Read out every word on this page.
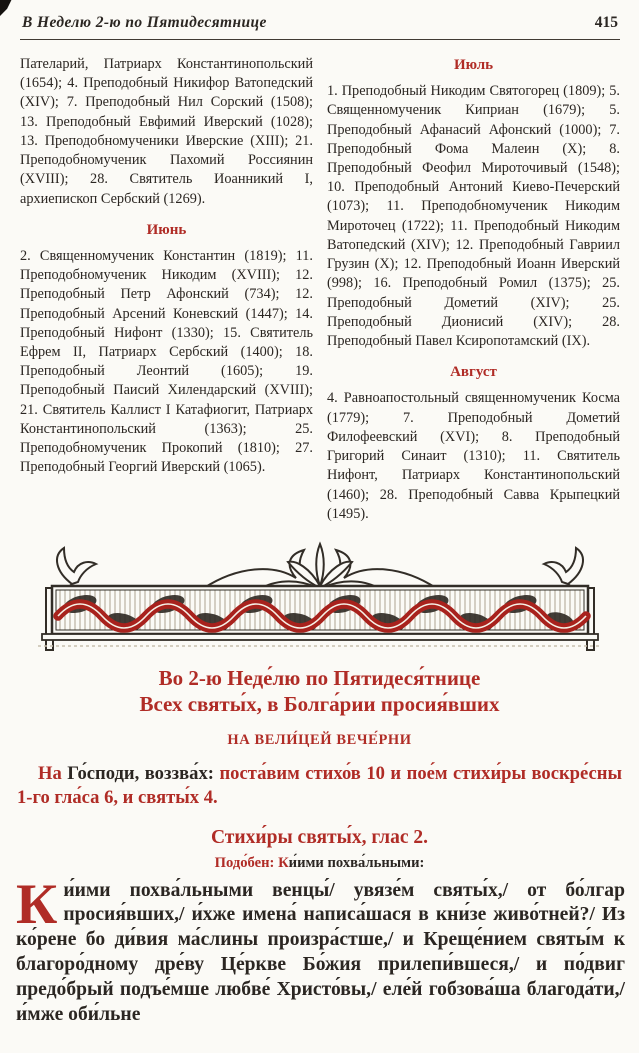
В Неделю 2-ю по Пятидесятнице	415

Пателарий, Патриарх Константинопольский (1654); 4. Преподобный Никифор Ватопедский (XIV); 7. Преподобный Нил Сорский (1508); 13. Преподобный Евфимий Иверский (1028); 13. Преподобномученики Иверские (XIII); 21. Преподобномученик Пахомий Россиянин (XVIII); 28. Святитель Иоанникий I, архиепископ Сербский (1269).

Июнь

2. Священномученик Константин (1819); 11. Преподобномученик Никодим (XVIII); 12. Преподобный Петр Афонский (734); 12. Преподобный Арсений Коневский (1447); 14. Преподобный Нифонт (1330); 15. Святитель Ефрем II, Патриарх Сербский (1400); 18. Преподобный Леонтий (1605); 19. Преподобный Паисий Хилендарский (XVIII); 21. Святитель Каллист I Катафиогит, Патриарх Константинопольский (1363); 25. Преподобномученик Прокопий (1810); 27. Преподобный Георгий Иверский (1065).

Июль

1. Преподобный Никодим Святогорец (1809); 5. Священномученик Киприан (1679); 5. Преподобный Афанасий Афонский (1000); 7. Преподобный Фома Малеин (X); 8. Преподобный Феофил Мироточивый (1548); 10. Преподобный Антоний Киево-Печерский (1073); 11. Преподобномученик Никодим Мироточец (1722); 11. Преподобный Никодим Ватопедский (XIV); 12. Преподобный Гавриил Грузин (X); 12. Преподобный Иоанн Иверский (998); 16. Преподобный Ромил (1375); 25. Преподобный Дометий (XIV); 25. Преподобный Дионисий (XIV); 28. Преподобный Павел Ксиропотамский (IX).

Август

4. Равноапостольный священномученик Косма (1779); 7. Преподобный Дометий Филофеевский (XVI); 8. Преподобный Григорий Синаит (1310); 11. Святитель Нифонт, Патриарх Константинопольский (1460); 28. Преподобный Савва Крыпецкий (1495).

Во 2-ю Неде́лю по Пятидеся́тнице
Всех святы́х, в Болга́рии просия́вших
НА ВЕЛИ́ЦЕЙ ВЕЧЕ́РНИ

На Го́споди, воззва́х: поста́вим стихо́в 10 и пое́м стихи́ры воскре́сны 1-го гла́са 6, и святы́х 4.

Стихи́ры святы́х, глас 2.
Подо́бен: Ки́ими похва́льными:

Ки́ими похва́льными венцы́/ увязе́м святы́х,/ от бо́лгар просия́вших,/ и́хже имена́ написа́шася в кни́зе живо́тней?/ Из ко́рене бо ди́вия ма́слины произра́стше,/ и Креще́нием святы́м к благоро́дному дре́ву Це́ркве Бо́жия прилепи́вшеся,/ и по́двиг предо́брый подъе́мше любве́ Христо́вы,/ еле́й гобзова́ша благода́ти,/ и́мже оби́льне
